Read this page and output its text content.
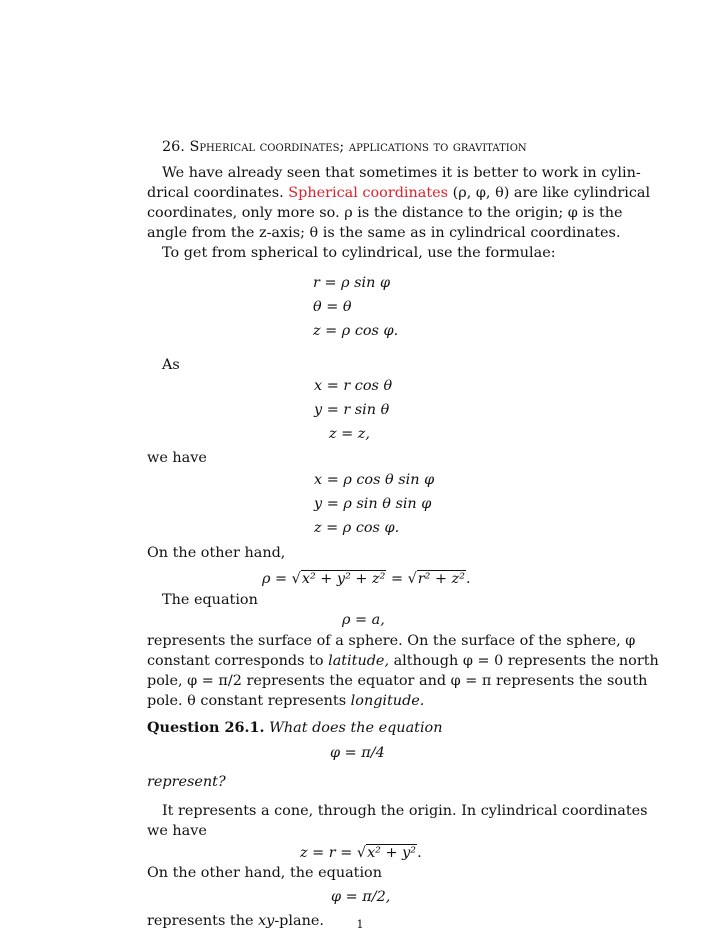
26. Spherical coordinates; applications to gravitation
We have already seen that sometimes it is better to work in cylin-
drical coordinates. Spherical coordinates (ρ, φ, θ) are like cylindrical
coordinates, only more so. ρ is the distance to the origin; φ is the
angle from the z-axis; θ is the same as in cylindrical coordinates.
To get from spherical to cylindrical, use the formulae:
r = ρ sin φ
θ = θ
z = ρ cos φ.
As
x = r cos θ
y = r sin θ
z = z,
we have
x = ρ cos θ sin φ
y = ρ sin θ sin φ
z = ρ cos φ.
On the other hand,
ρ = √x² + y² + z² = √r² + z².
The equation
ρ = a,
represents the surface of a sphere. On the surface of the sphere, φ
constant corresponds to latitude, although φ = 0 represents the north
pole, φ = π/2 represents the equator and φ = π represents the south
pole. θ constant represents longitude.
Question 26.1. What does the equation
φ = π/4
represent?
It represents a cone, through the origin. In cylindrical coordinates
we have
z = r = √x² + y².
On the other hand, the equation
φ = π/2,
represents the xy-plane.	1
